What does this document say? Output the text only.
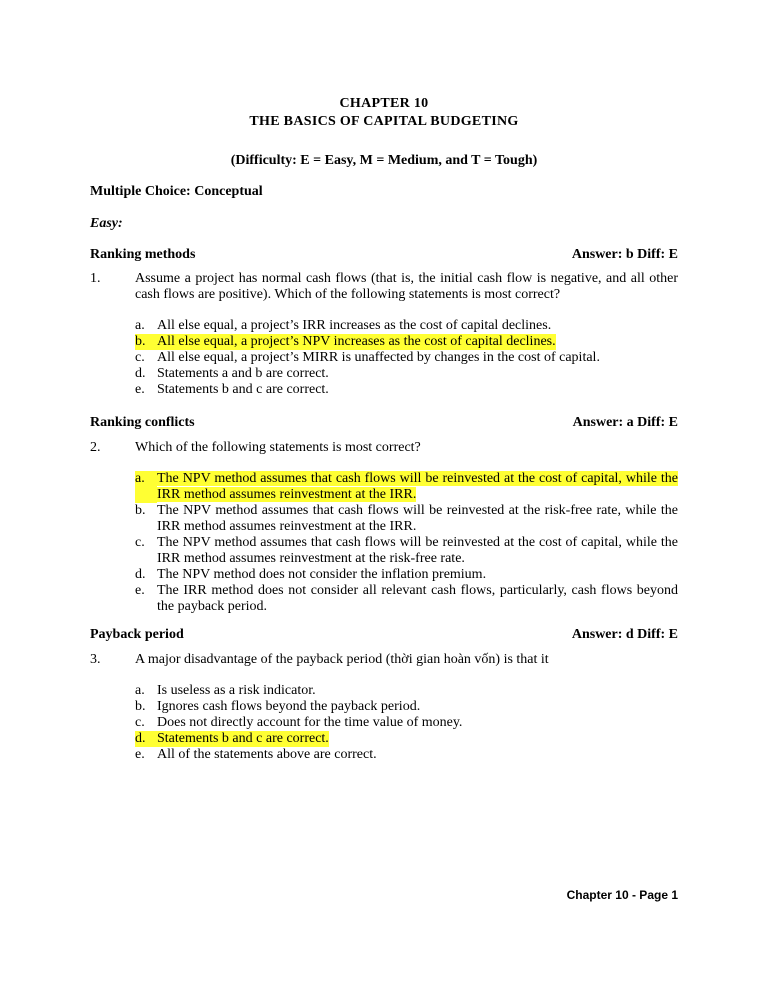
CHAPTER 10
THE BASICS OF CAPITAL BUDGETING
(Difficulty: E = Easy, M = Medium, and T = Tough)
Multiple Choice: Conceptual
Easy:
Ranking methods	Answer: b Diff: E
1. Assume a project has normal cash flows (that is, the initial cash flow is negative, and all other cash flows are positive). Which of the following statements is most correct?
a. All else equal, a project’s IRR increases as the cost of capital declines.
b. All else equal, a project’s NPV increases as the cost of capital declines.
c. All else equal, a project’s MIRR is unaffected by changes in the cost of capital.
d. Statements a and b are correct.
e. Statements b and c are correct.
Ranking conflicts	Answer: a Diff: E
2. Which of the following statements is most correct?
a. The NPV method assumes that cash flows will be reinvested at the cost of capital, while the IRR method assumes reinvestment at the IRR.
b. The NPV method assumes that cash flows will be reinvested at the risk-free rate, while the IRR method assumes reinvestment at the IRR.
c. The NPV method assumes that cash flows will be reinvested at the cost of capital, while the IRR method assumes reinvestment at the risk-free rate.
d. The NPV method does not consider the inflation premium.
e. The IRR method does not consider all relevant cash flows, particularly, cash flows beyond the payback period.
Payback period	Answer: d Diff: E
3. A major disadvantage of the payback period (thời gian hoàn vốn) is that it
a. Is useless as a risk indicator.
b. Ignores cash flows beyond the payback period.
c. Does not directly account for the time value of money.
d. Statements b and c are correct.
e. All of the statements above are correct.
Chapter 10 - Page 1
